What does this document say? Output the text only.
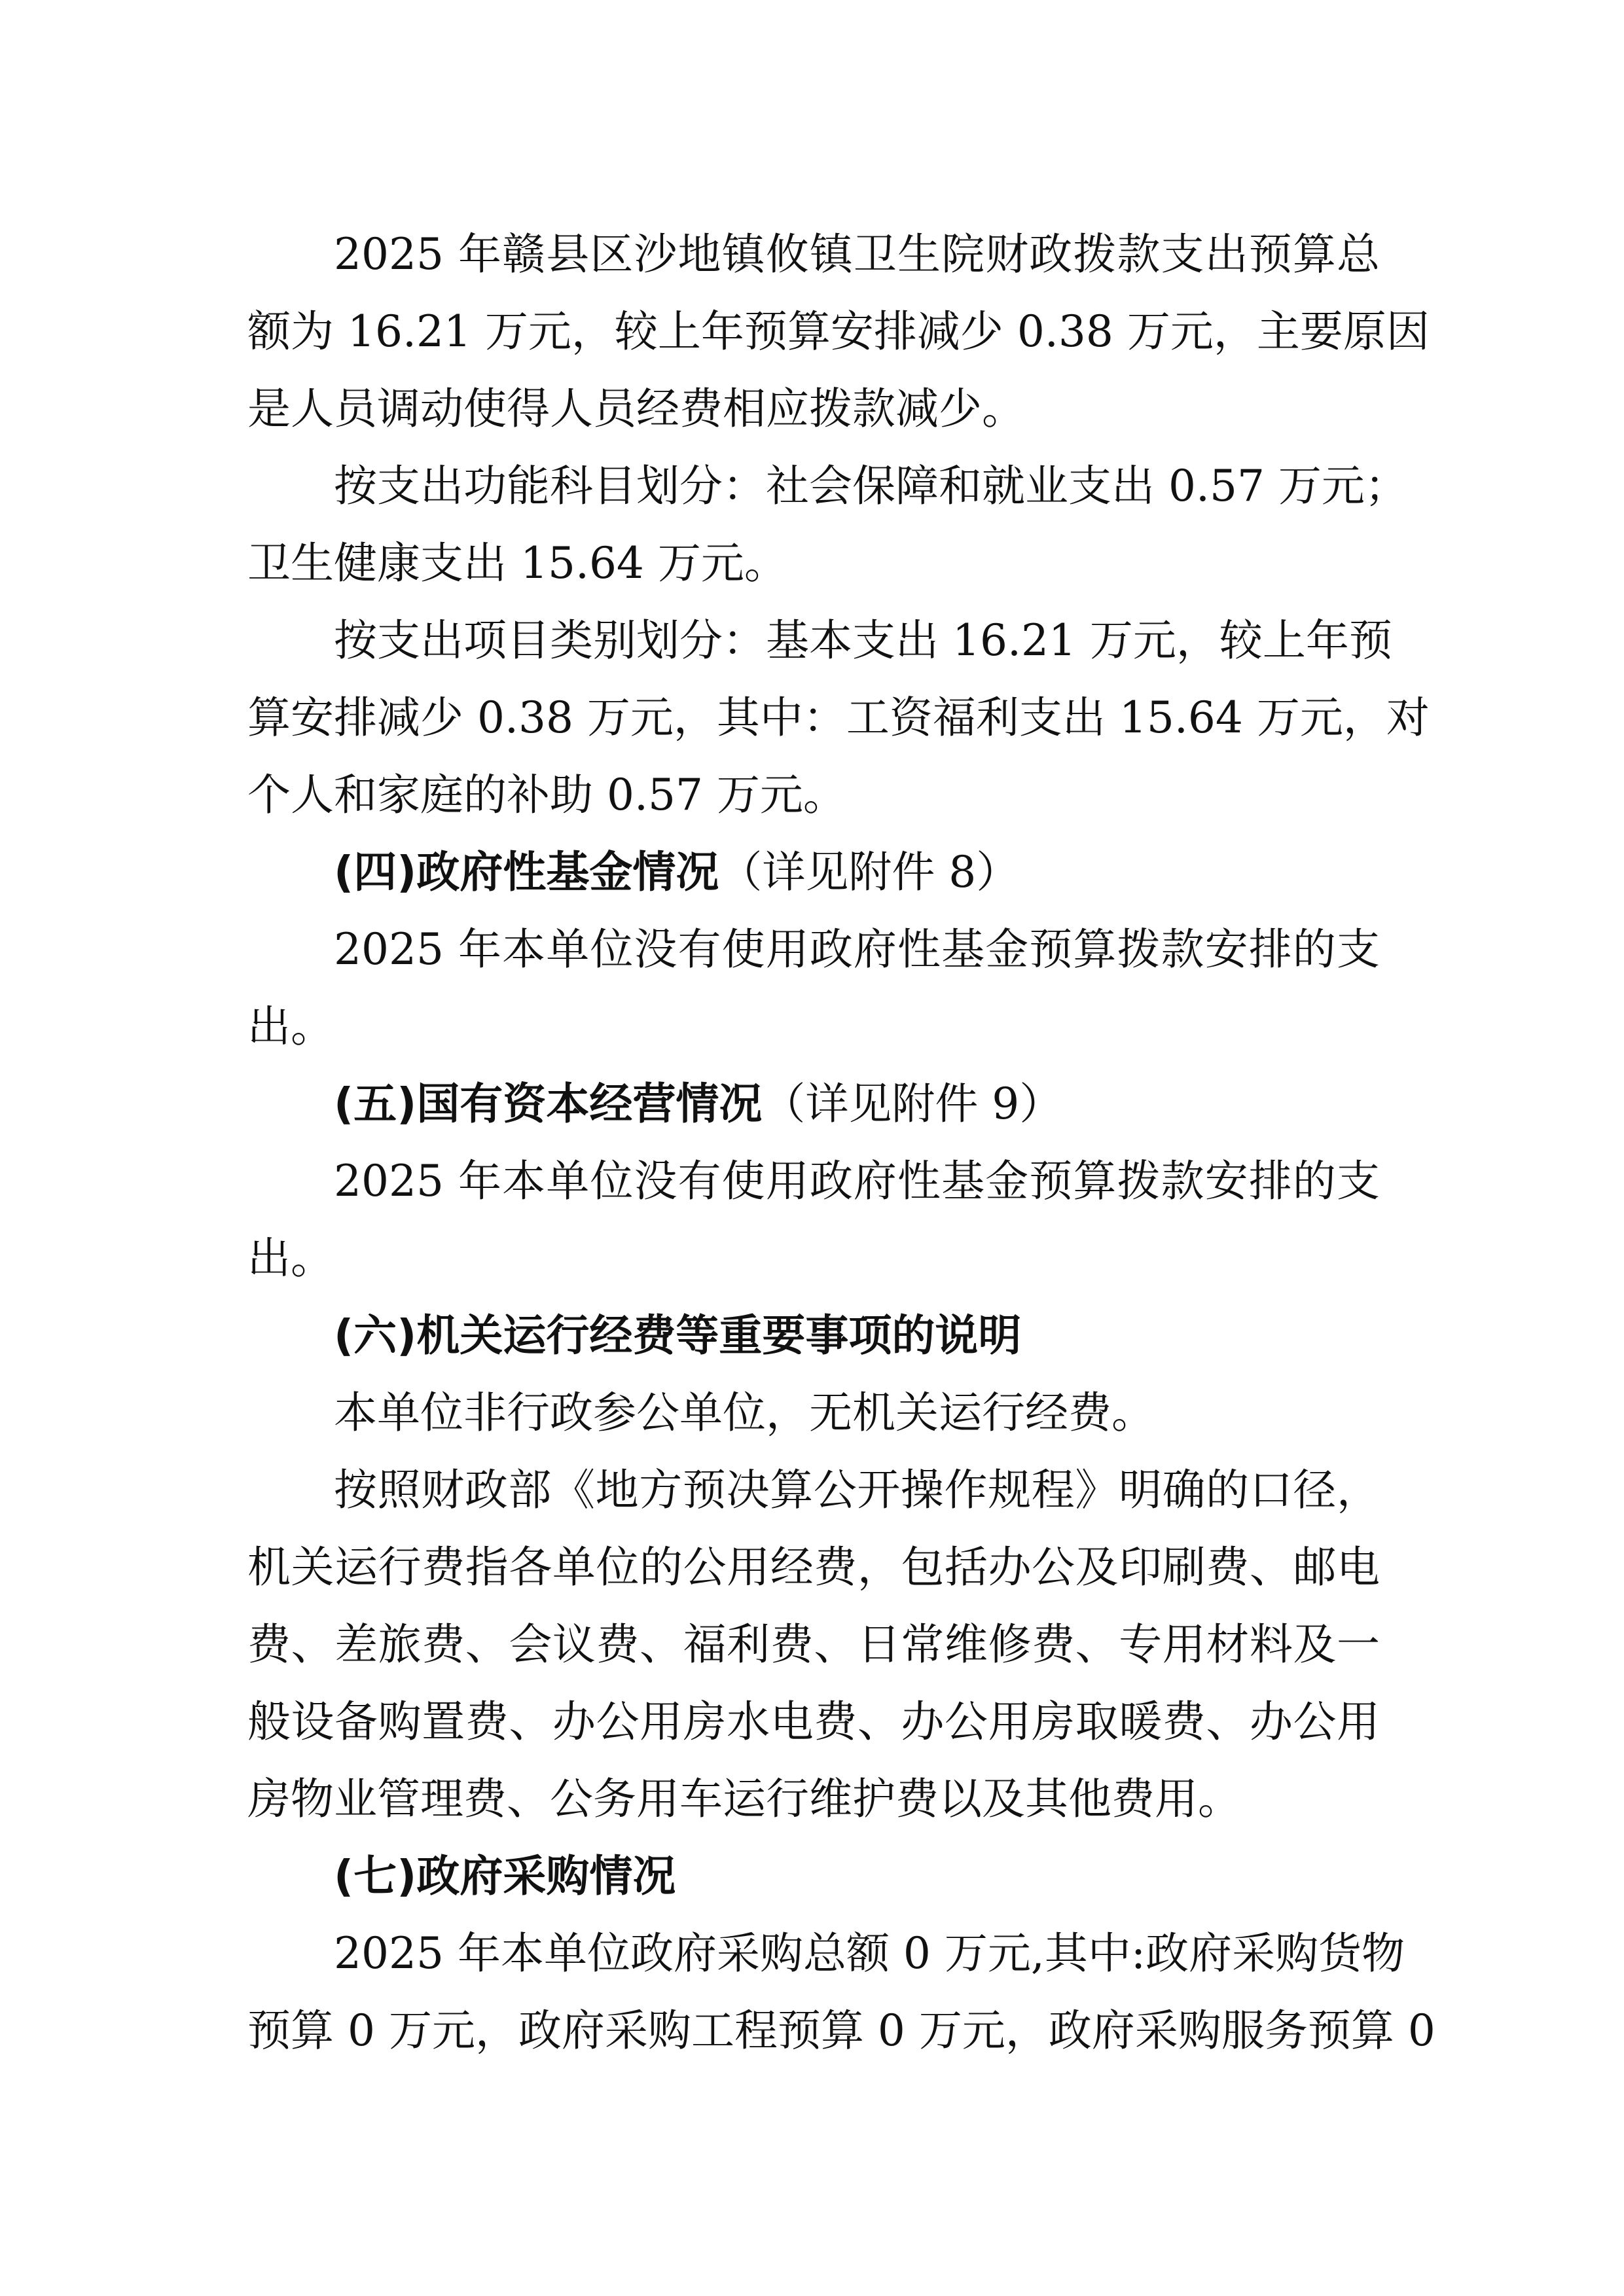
2025 年赣县区沙地镇攸镇卫生院财政拨款支出预算总
额为 16.21 万元，较上年预算安排减少 0.38 万元，主要原因
是人员调动使得人员经费相应拨款减少。
按支出功能科目划分：社会保障和就业支出 0.57 万元；
卫生健康支出 15.64 万元。
按支出项目类别划分：基本支出 16.21 万元，较上年预
算安排减少 0.38 万元，其中：工资福利支出 15.64 万元，对
个人和家庭的补助 0.57 万元。
(四)政府性基金情况（详见附件 8）
2025 年本单位没有使用政府性基金预算拨款安排的支
出。
(五)国有资本经营情况（详见附件 9）
2025 年本单位没有使用政府性基金预算拨款安排的支
出。
(六)机关运行经费等重要事项的说明
本单位非行政参公单位，无机关运行经费。
按照财政部《地方预决算公开操作规程》明确的口径，
机关运行费指各单位的公用经费，包括办公及印刷费、邮电
费、差旅费、会议费、福利费、日常维修费、专用材料及一
般设备购置费、办公用房水电费、办公用房取暖费、办公用
房物业管理费、公务用车运行维护费以及其他费用。
(七)政府采购情况
2025 年本单位政府采购总额 0 万元,其中:政府采购货物
预算 0 万元，政府采购工程预算 0 万元，政府采购服务预算 0
